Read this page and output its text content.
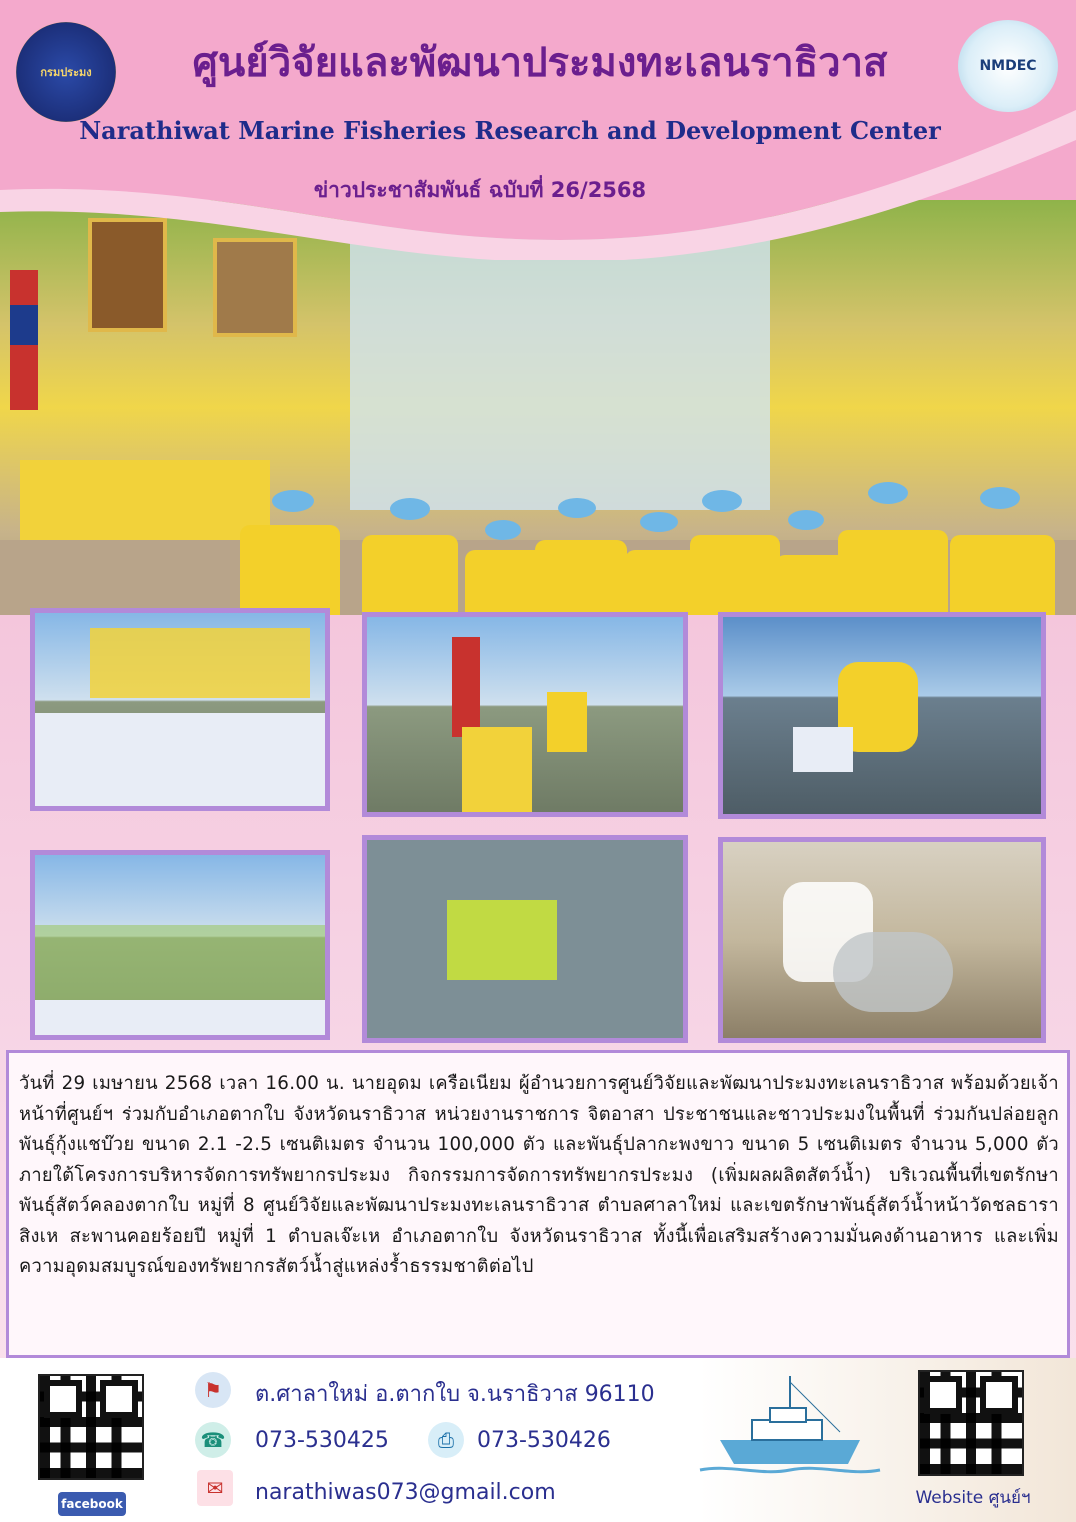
กรมประมง	NMDEC
ศูนย์วิจัยและพัฒนาประมงทะเลนราธิวาส
Narathiwat Marine Fisheries Research and Development Center
ข่าวประชาสัมพันธ์ ฉบับที่ 26/2568
วันที่ 29 เมษายน 2568 เวลา 16.00 น. นายอุดม เครือเนียม ผู้อำนวยการศูนย์วิจัยและพัฒนาประมงทะเลนราธิวาส พร้อมด้วยเจ้าหน้าที่ศูนย์ฯ ร่วมกับอำเภอตากใบ จังหวัดนราธิวาส หน่วยงานราชการ จิตอาสา ประชาชนและชาวประมงในพื้นที่ ร่วมกันปล่อยลูกพันธุ์กุ้งแชบ๊วย ขนาด 2.1 -2.5 เซนติเมตร จำนวน 100,000 ตัว และพันธุ์ปลากะพงขาว ขนาด 5 เซนติเมตร จำนวน 5,000 ตัว ภายใต้โครงการบริหารจัดการทรัพยากรประมง กิจกรรมการจัดการทรัพยากรประมง (เพิ่มผลผลิตสัตว์น้ำ) บริเวณพื้นที่เขตรักษาพันธุ์สัตว์คลองตากใบ หมู่ที่ 8 ศูนย์วิจัยและพัฒนาประมงทะเลนราธิวาส ตำบลศาลาใหม่ และเขตรักษาพันธุ์สัตว์น้ำหน้าวัดชลธาราสิงเห สะพานคอยร้อยปี หมู่ที่ 1 ตำบลเจ๊ะเห อำเภอตากใบ จังหวัดนราธิวาส ทั้งนี้เพื่อเสริมสร้างความมั่นคงด้านอาหาร และเพิ่มความอุดมสมบูรณ์ของทรัพยากรสัตว์น้ำสู่แหล่งร้ำธรรมชาติต่อไป
facebook
⚑	ต.ศาลาใหม่ อ.ตากใบ จ.นราธิวาส 96110
☎ 073-530425	⎙	073-530426
✉	narathiwas073@gmail.com	Website ศูนย์ฯ
